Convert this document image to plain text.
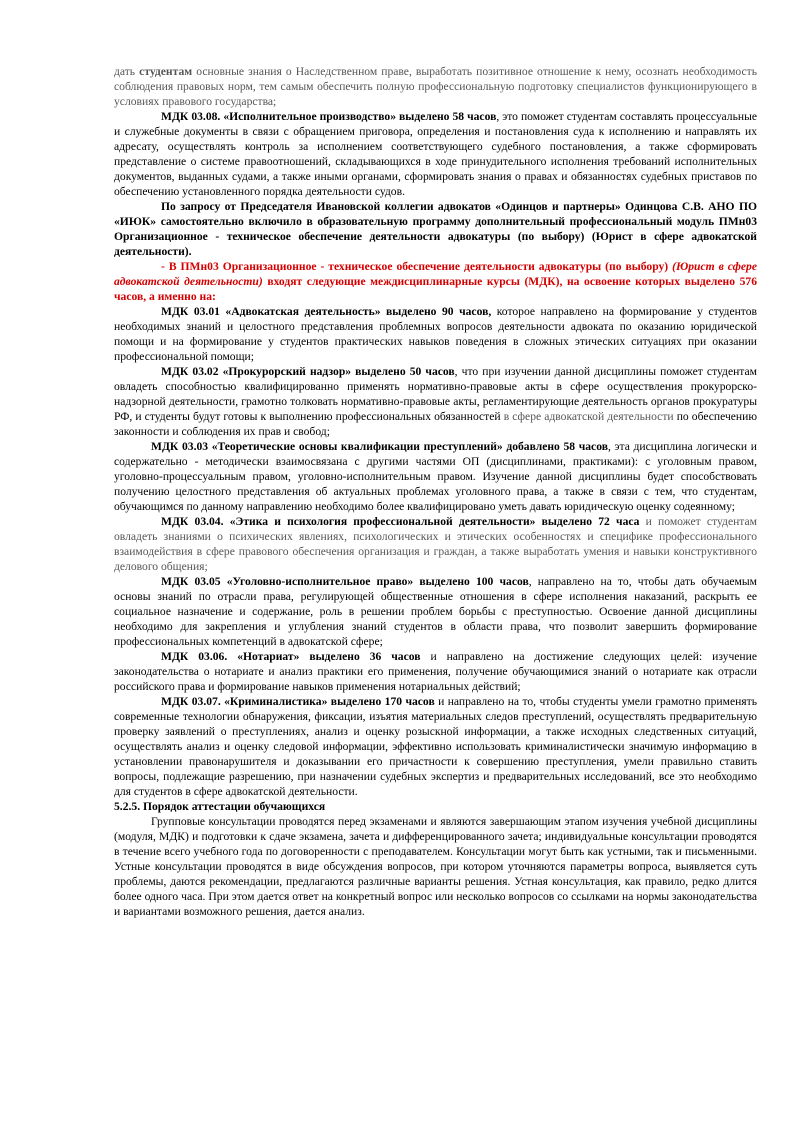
дать студентам основные знания о Наследственном праве, выработать позитивное отношение к нему, осознать необходимость соблюдения правовых норм, тем самым обеспечить полную профессиональную подготовку специалистов функционирующего в условиях правового государства;

МДК 03.08. «Исполнительное производство» выделено 58 часов, это поможет студентам составлять процессуальные и служебные документы в связи с обращением приговора, определения и постановления суда к исполнению и направлять их адресату, осуществлять контроль за исполнением соответствующего судебного постановления, а также сформировать представление о системе правоотношений, складывающихся в ходе принудительного исполнения требований исполнительных документов, выданных судами, а также иными органами, сформировать знания о правах и обязанностях судебных приставов по обеспечению установленного порядка деятельности судов.

По запросу от Председателя Ивановской коллегии адвокатов «Одинцов и партнеры» Одинцова С.В. АНО ПО «ИЮК» самостоятельно включило в образовательную программу дополнительный профессиональный модуль ПМн03 Организационное - техническое обеспечение деятельности адвокатуры (по выбору) (Юрист в сфере адвокатской деятельности).

- В ПМн03 Организационное - техническое обеспечение деятельности адвокатуры (по выбору) (Юрист в сфере адвокатской деятельности) входят следующие междисциплинарные курсы (МДК), на освоение которых выделено 576 часов, а именно на:

МДК 03.01 «Адвокатская деятельность» выделено 90 часов, которое направлено на формирование у студентов необходимых знаний и целостного представления проблемных вопросов деятельности адвоката по оказанию юридической помощи и на формирование у студентов практических навыков поведения в сложных этических ситуациях при оказании профессиональной помощи;

МДК 03.02 «Прокурорский надзор» выделено 50 часов, что при изучении данной дисциплины поможет студентам овладеть способностью квалифицированно применять нормативно-правовые акты в сфере осуществления прокурорско-надзорной деятельности, грамотно толковать нормативно-правовые акты, регламентирующие деятельность органов прокуратуры РФ, и студенты будут готовы к выполнению профессиональных обязанностей в сфере адвокатской деятельности по обеспечению законности и соблюдения их прав и свобод;

МДК 03.03 «Теоретические основы квалификации преступлений» добавлено 58 часов, эта дисциплина логически и содержательно - методически взаимосвязана с другими частями ОП (дисциплинами, практиками): с уголовным правом, уголовно-процессуальным правом, уголовно-исполнительным правом. Изучение данной дисциплины будет способствовать получению целостного представления об актуальных проблемах уголовного права, а также в связи с тем, что студентам, обучающимся по данному направлению необходимо более квалифицировано уметь давать юридическую оценку содеянному;

МДК 03.04. «Этика и психология профессиональной деятельности» выделено 72 часа и поможет студентам овладеть знаниями о психических явлениях, психологических и этических особенностях и специфике профессионального взаимодействия в сфере правового обеспечения организация и граждан, а также выработать умения и навыки конструктивного делового общения;

МДК 03.05 «Уголовно-исполнительное право» выделено 100 часов, направлено на то, чтобы дать обучаемым основы знаний по отрасли права, регулирующей общественные отношения в сфере исполнения наказаний, раскрыть ее социальное назначение и содержание, роль в решении проблем борьбы с преступностью. Освоение данной дисциплины необходимо для закрепления и углубления знаний студентов в области права, что позволит завершить формирование профессиональных компетенций в адвокатской сфере;

МДК 03.06. «Нотариат» выделено 36 часов и направлено на достижение следующих целей: изучение законодательства о нотариате и анализ практики его применения, получение обучающимися знаний о нотариате как отрасли российского права и формирование навыков применения нотариальных действий;

МДК 03.07. «Криминалистика» выделено 170 часов и направлено на то, чтобы студенты умели грамотно применять современные технологии обнаружения, фиксации, изъятия материальных следов преступлений, осуществлять предварительную проверку заявлений о преступлениях, анализ и оценку розыскной информации, а также исходных следственных ситуаций, осуществлять анализ и оценку следовой информации, эффективно использовать криминалистически значимую информацию в установлении правонарушителя и доказывании его причастности к совершению преступления, умели правильно ставить вопросы, подлежащие разрешению, при назначении судебных экспертиз и предварительных исследований, все это необходимо для студентов в сфере адвокатской деятельности.

5.2.5. Порядок аттестации обучающихся

Групповые консультации проводятся перед экзаменами и являются завершающим этапом изучения учебной дисциплины (модуля, МДК) и подготовки к сдаче экзамена, зачета и дифференцированного зачета; индивидуальные консультации проводятся в течение всего учебного года по договоренности с преподавателем. Консультации могут быть как устными, так и письменными. Устные консультации проводятся в виде обсуждения вопросов, при котором уточняются параметры вопроса, выявляется суть проблемы, даются рекомендации, предлагаются различные варианты решения. Устная консультация, как правило, редко длится более одного часа. При этом дается ответ на конкретный вопрос или несколько вопросов со ссылками на нормы законодательства и вариантами возможного решения, дается анализ.
